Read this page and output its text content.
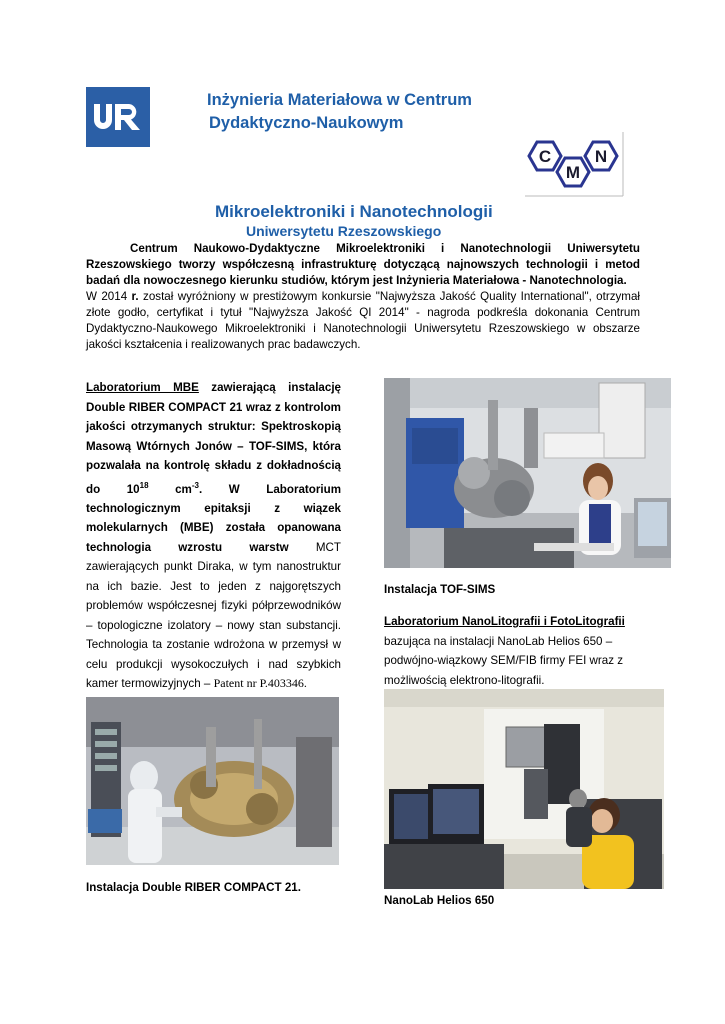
Inżynieria Materiałowa w Centrum
Dydaktyczno-Naukowym
C
M
N
Mikroelektroniki i Nanotechnologii
Uniwersytetu Rzeszowskiego

Centrum Naukowo-Dydaktyczne Mikroelektroniki i Nanotechnologii Uniwersytetu Rzeszowskiego tworzy współczesną infrastrukturę dotyczącą najnowszych technologii i metod badań dla nowoczesnego kierunku studiów, którym jest Inżynieria Materiałowa - Nanotechnologia.

W 2014 r. został wyróżniony w prestiżowym konkursie "Najwyższa Jakość Quality International", otrzymał złote godło, certyfikat i tytuł "Najwyższa Jakość QI 2014" - nagroda podkreśla dokonania Centrum Dydaktyczno-Naukowego Mikroelektroniki i Nanotechnologii Uniwersytetu Rzeszowskiego w obszarze jakości kształcenia i realizowanych prac badawczych.

Laboratorium MBE zawierającą instalację Double RIBER COMPACT 21 wraz z kontrolom jakości otrzymanych struktur: Spektroskopią Masową Wtórnych Jonów – TOF-SIMS, która pozwalała na kontrolę składu z dokładnością do $10^{18}$ $cm^{-3}$. W Laboratorium technologicznym epitaksji z wiązek molekularnych (MBE) została opanowana technologia wzrostu warstw MCT zawierających punkt Diraka, w tym nanostruktur na ich bazie. Jest to jeden z najgorętszych problemów współczesnej fizyki półprzewodników – topologiczne izolatory – nowy stan substancji. Technologia ta zostanie wdrożona w przemysł w celu produkcji wysokoczułych i nad szybkich kamer termowizyjnych – Patent nr P.403346.

Instalacja Double RIBER COMPACT 21.
Instalacja TOF-SIMS

Laboratorium NanoLitografii i FotoLitografii bazująca na instalacji NanoLab Helios 650 – podwójno-wiązkowy SEM/FIB firmy FEI wraz z możliwością elektrono-litografii.

NanoLab Helios 650
